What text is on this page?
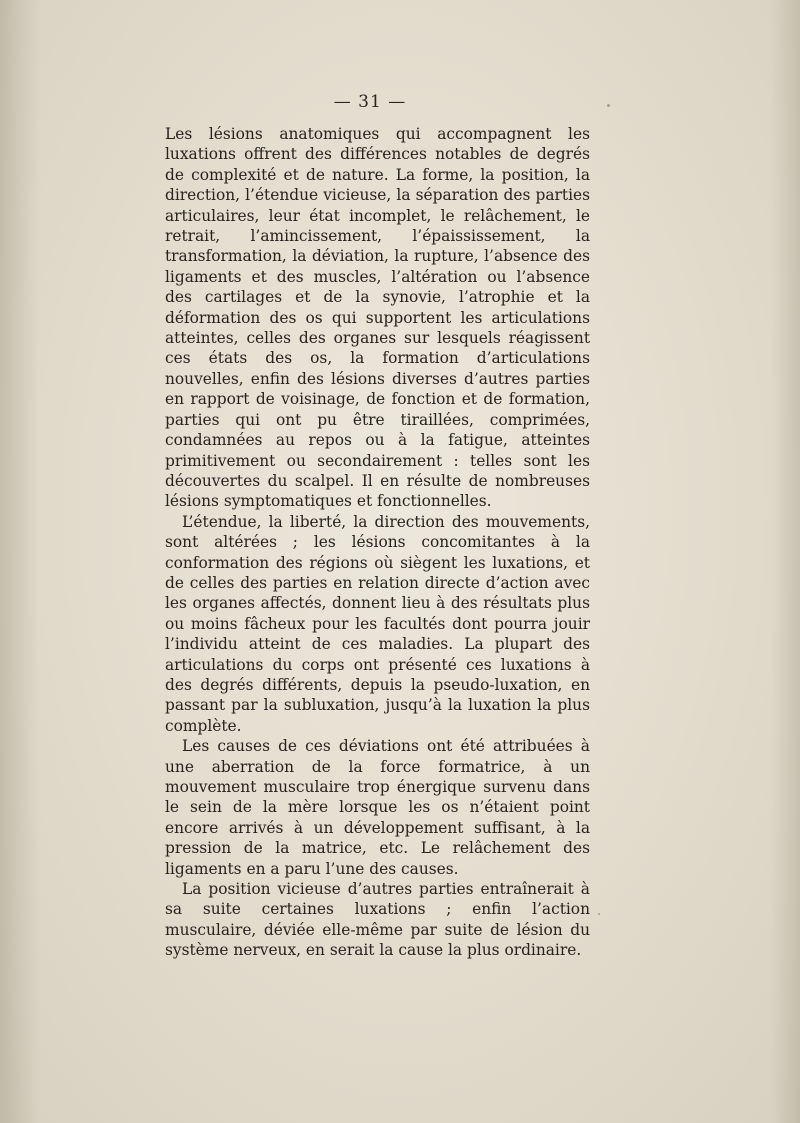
— 31 —

Les lésions anatomiques qui accompagnent les luxations offrent des différences notables de degrés de complexité et de nature. La forme, la position, la direction, l’étendue vicieuse, la séparation des parties articulaires, leur état incomplet, le relâchement, le retrait, l’amincissement, l’épaississement, la transformation, la déviation, la rupture, l’absence des ligaments et des muscles, l’altération ou l’absence des cartilages et de la synovie, l’atrophie et la déformation des os qui supportent les articulations atteintes, celles des organes sur lesquels réagissent ces états des os, la formation d’articulations nouvelles, enfin des lésions diverses d’autres parties en rapport de voisinage, de fonction et de formation, parties qui ont pu être tiraillées, comprimées, condamnées au repos ou à la fatigue, atteintes primitivement ou secondairement : telles sont les découvertes du scalpel. Il en résulte de nombreuses lésions symptomatiques et fonctionnelles.

L’étendue, la liberté, la direction des mouvements, sont altérées ; les lésions concomitantes à la conformation des régions où siègent les luxations, et de celles des parties en relation directe d’action avec les organes affectés, donnent lieu à des résultats plus ou moins fâcheux pour les facultés dont pourra jouir l’individu atteint de ces maladies. La plupart des articulations du corps ont présenté ces luxations à des degrés différents, depuis la pseudo-luxation, en passant par la subluxation, jusqu’à la luxation la plus complète.

Les causes de ces déviations ont été attribuées à une aberration de la force formatrice, à un mouvement musculaire trop énergique survenu dans le sein de la mère lorsque les os n’étaient point encore arrivés à un développement suffisant, à la pression de la matrice, etc. Le relâchement des ligaments en a paru l’une des causes.

La position vicieuse d’autres parties entraînerait à sa suite certaines luxations ; enfin l’action musculaire, déviée elle-même par suite de lésion du système nerveux, en serait la cause la plus ordinaire.
